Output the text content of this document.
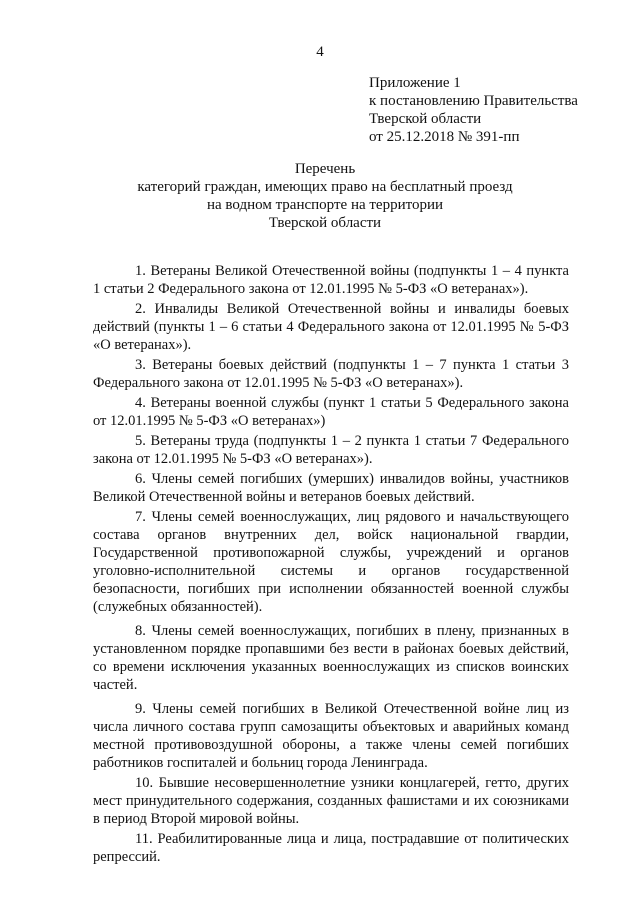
4
Приложение 1
к постановлению Правительства
Тверской области
от 25.12.2018 № 391-пп
Перечень
категорий граждан, имеющих право на бесплатный проезд
на водном транспорте на территории
Тверской области

1. Ветераны Великой Отечественной войны (подпункты 1 – 4 пункта 1 статьи 2 Федерального закона от 12.01.1995 № 5-ФЗ «О ветеранах»).

2. Инвалиды Великой Отечественной войны и инвалиды боевых действий (пункты 1 – 6 статьи 4 Федерального закона от 12.01.1995 № 5-ФЗ «О ветеранах»).

3. Ветераны боевых действий (подпункты 1 – 7 пункта 1 статьи 3 Федерального закона от 12.01.1995 № 5-ФЗ «О ветеранах»).

4. Ветераны военной службы (пункт 1 статьи 5 Федерального закона от 12.01.1995 № 5-ФЗ «О ветеранах»)

5. Ветераны труда (подпункты 1 – 2 пункта 1 статьи 7 Федерального закона от 12.01.1995 № 5-ФЗ «О ветеранах»).

6. Члены семей погибших (умерших) инвалидов войны, участников Великой Отечественной войны и ветеранов боевых действий.

7. Члены семей военнослужащих, лиц рядового и начальствующего состава органов внутренних дел, войск национальной гвардии, Государственной противопожарной службы, учреждений и органов уголовно-исполнительной системы и органов государственной безопасности, погибших при исполнении обязанностей военной службы (служебных обязанностей).

8. Члены семей военнослужащих, погибших в плену, признанных в установленном порядке пропавшими без вести в районах боевых действий, со времени исключения указанных военнослужащих из списков воинских частей.

9. Члены семей погибших в Великой Отечественной войне лиц из числа личного состава групп самозащиты объектовых и аварийных команд местной противовоздушной обороны, а также члены семей погибших работников госпиталей и больниц города Ленинграда.

10. Бывшие несовершеннолетние узники концлагерей, гетто, других мест принудительного содержания, созданных фашистами и их союзниками в период Второй мировой войны.

11. Реабилитированные лица и лица, пострадавшие от политических репрессий.
